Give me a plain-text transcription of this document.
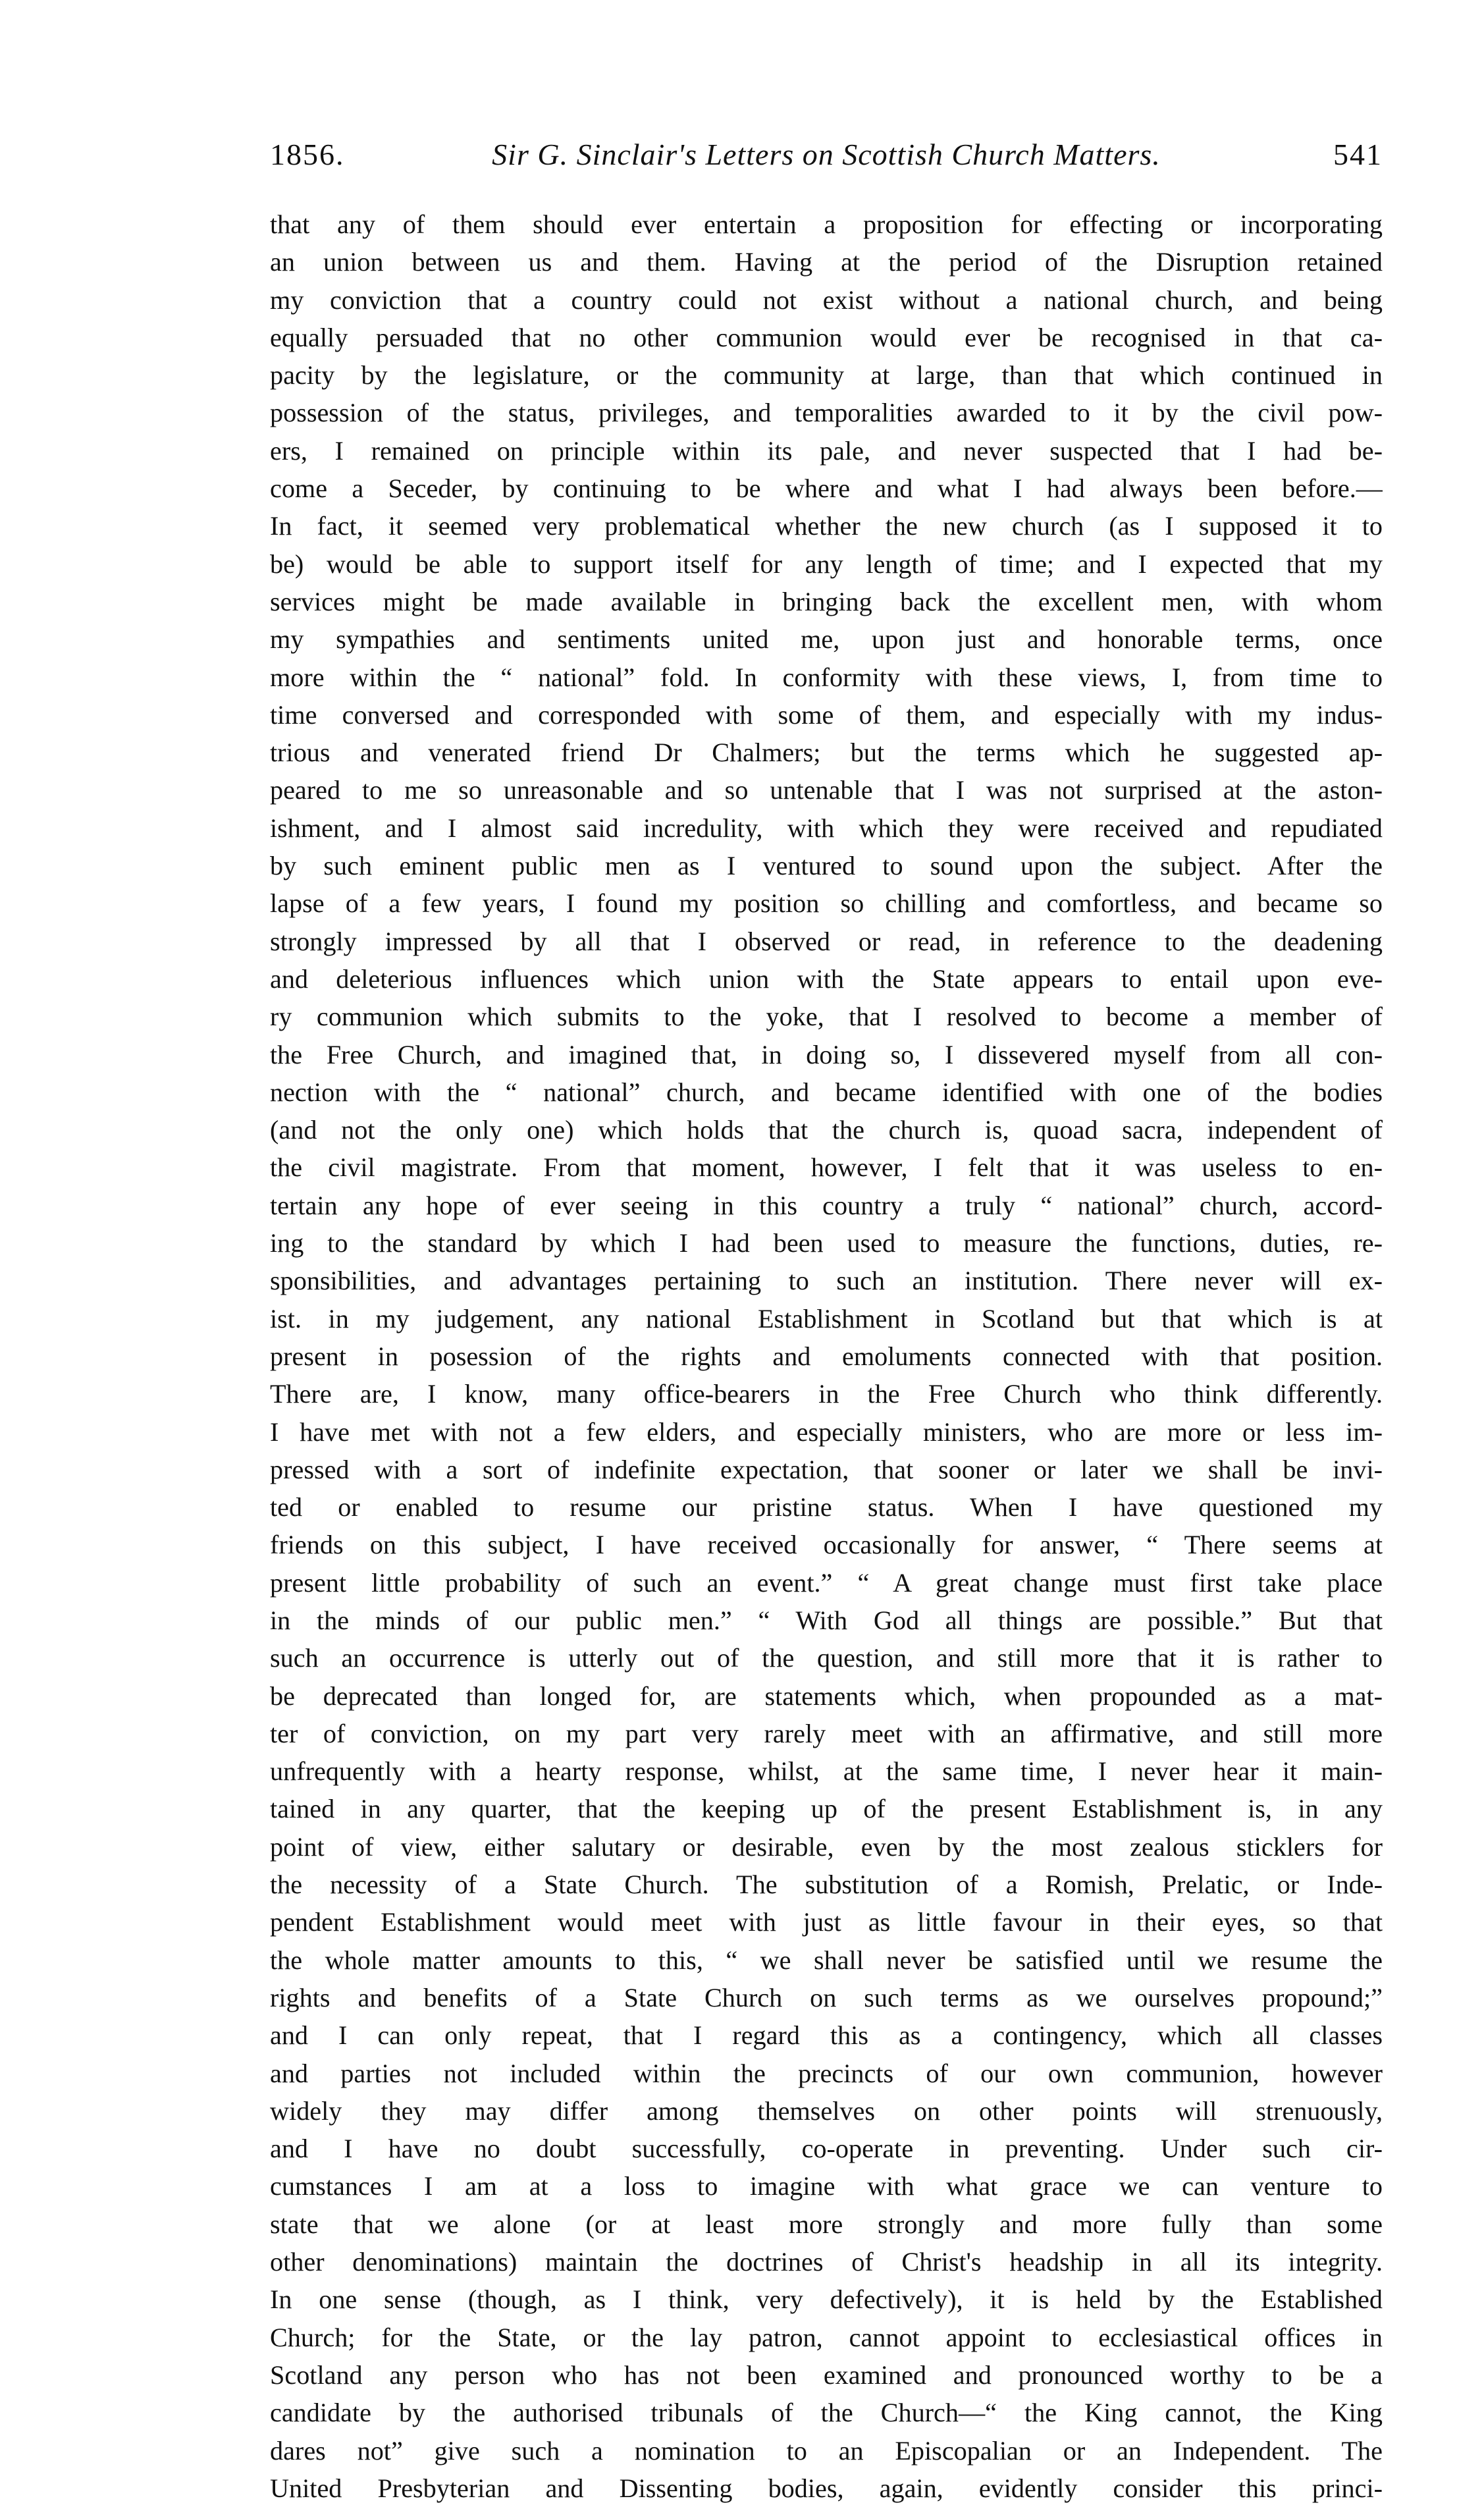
1856.	Sir G. Sinclair's Letters on Scottish Church Matters.	541
that any of them should ever entertain a proposition for effecting or incorporating
an union between us and them. Having at the period of the Disruption retained
my conviction that a country could not exist without a national church, and being
equally persuaded that no other communion would ever be recognised in that ca-
pacity by the legislature, or the community at large, than that which continued in
possession of the status, privileges, and temporalities awarded to it by the civil pow-
ers, I remained on principle within its pale, and never suspected that I had be-
come a Seceder, by continuing to be where and what I had always been before.—
In fact, it seemed very problematical whether the new church (as I supposed it to
be) would be able to support itself for any length of time; and I expected that my
services might be made available in bringing back the excellent men, with whom
my sympathies and sentiments united me, upon just and honorable terms, once
more within the “ national” fold. In conformity with these views, I, from time to
time conversed and corresponded with some of them, and especially with my indus-
trious and venerated friend Dr Chalmers; but the terms which he suggested ap-
peared to me so unreasonable and so untenable that I was not surprised at the aston-
ishment, and I almost said incredulity, with which they were received and repudiated
by such eminent public men as I ventured to sound upon the subject. After the
lapse of a few years, I found my position so chilling and comfortless, and became so
strongly impressed by all that I observed or read, in reference to the deadening
and deleterious influences which union with the State appears to entail upon eve-
ry communion which submits to the yoke, that I resolved to become a member of
the Free Church, and imagined that, in doing so, I dissevered myself from all con-
nection with the “ national” church, and became identified with one of the bodies
(and not the only one) which holds that the church is, quoad sacra, independent of
the civil magistrate. From that moment, however, I felt that it was useless to en-
tertain any hope of ever seeing in this country a truly “ national” church, accord-
ing to the standard by which I had been used to measure the functions, duties, re-
sponsibilities, and advantages pertaining to such an institution. There never will ex-
ist. in my judgement, any national Establishment in Scotland but that which is at
present in posession of the rights and emoluments connected with that position.
There are, I know, many office-bearers in the Free Church who think differently.
I have met with not a few elders, and especially ministers, who are more or less im-
pressed with a sort of indefinite expectation, that sooner or later we shall be invi-
ted or enabled to resume our pristine status. When I have questioned my
friends on this subject, I have received occasionally for answer, “ There seems at
present little probability of such an event.” “ A great change must first take place
in the minds of our public men.” “ With God all things are possible.” But that
such an occurrence is utterly out of the question, and still more that it is rather to
be deprecated than longed for, are statements which, when propounded as a mat-
ter of conviction, on my part very rarely meet with an affirmative, and still more
unfrequently with a hearty response, whilst, at the same time, I never hear it main-
tained in any quarter, that the keeping up of the present Establishment is, in any
point of view, either salutary or desirable, even by the most zealous sticklers for
the necessity of a State Church. The substitution of a Romish, Prelatic, or Inde-
pendent Establishment would meet with just as little favour in their eyes, so that
the whole matter amounts to this, “ we shall never be satisfied until we resume the
rights and benefits of a State Church on such terms as we ourselves propound;”
and I can only repeat, that I regard this as a contingency, which all classes
and parties not included within the precincts of our own communion, however
widely they may differ among themselves on other points will strenuously,
and I have no doubt successfully, co-operate in preventing. Under such cir-
cumstances I am at a loss to imagine with what grace we can venture to
state that we alone (or at least more strongly and more fully than some
other denominations) maintain the doctrines of Christ's headship in all its integrity.
In one sense (though, as I think, very defectively), it is held by the Established
Church; for the State, or the lay patron, cannot appoint to ecclesiastical offices in
Scotland any person who has not been examined and pronounced worthy to be a
candidate by the authorised tribunals of the Church—“ the King cannot, the King
dares not” give such a nomination to an Episcopalian or an Independent. The
United Presbyterian and Dissenting bodies, again, evidently consider this princi-
